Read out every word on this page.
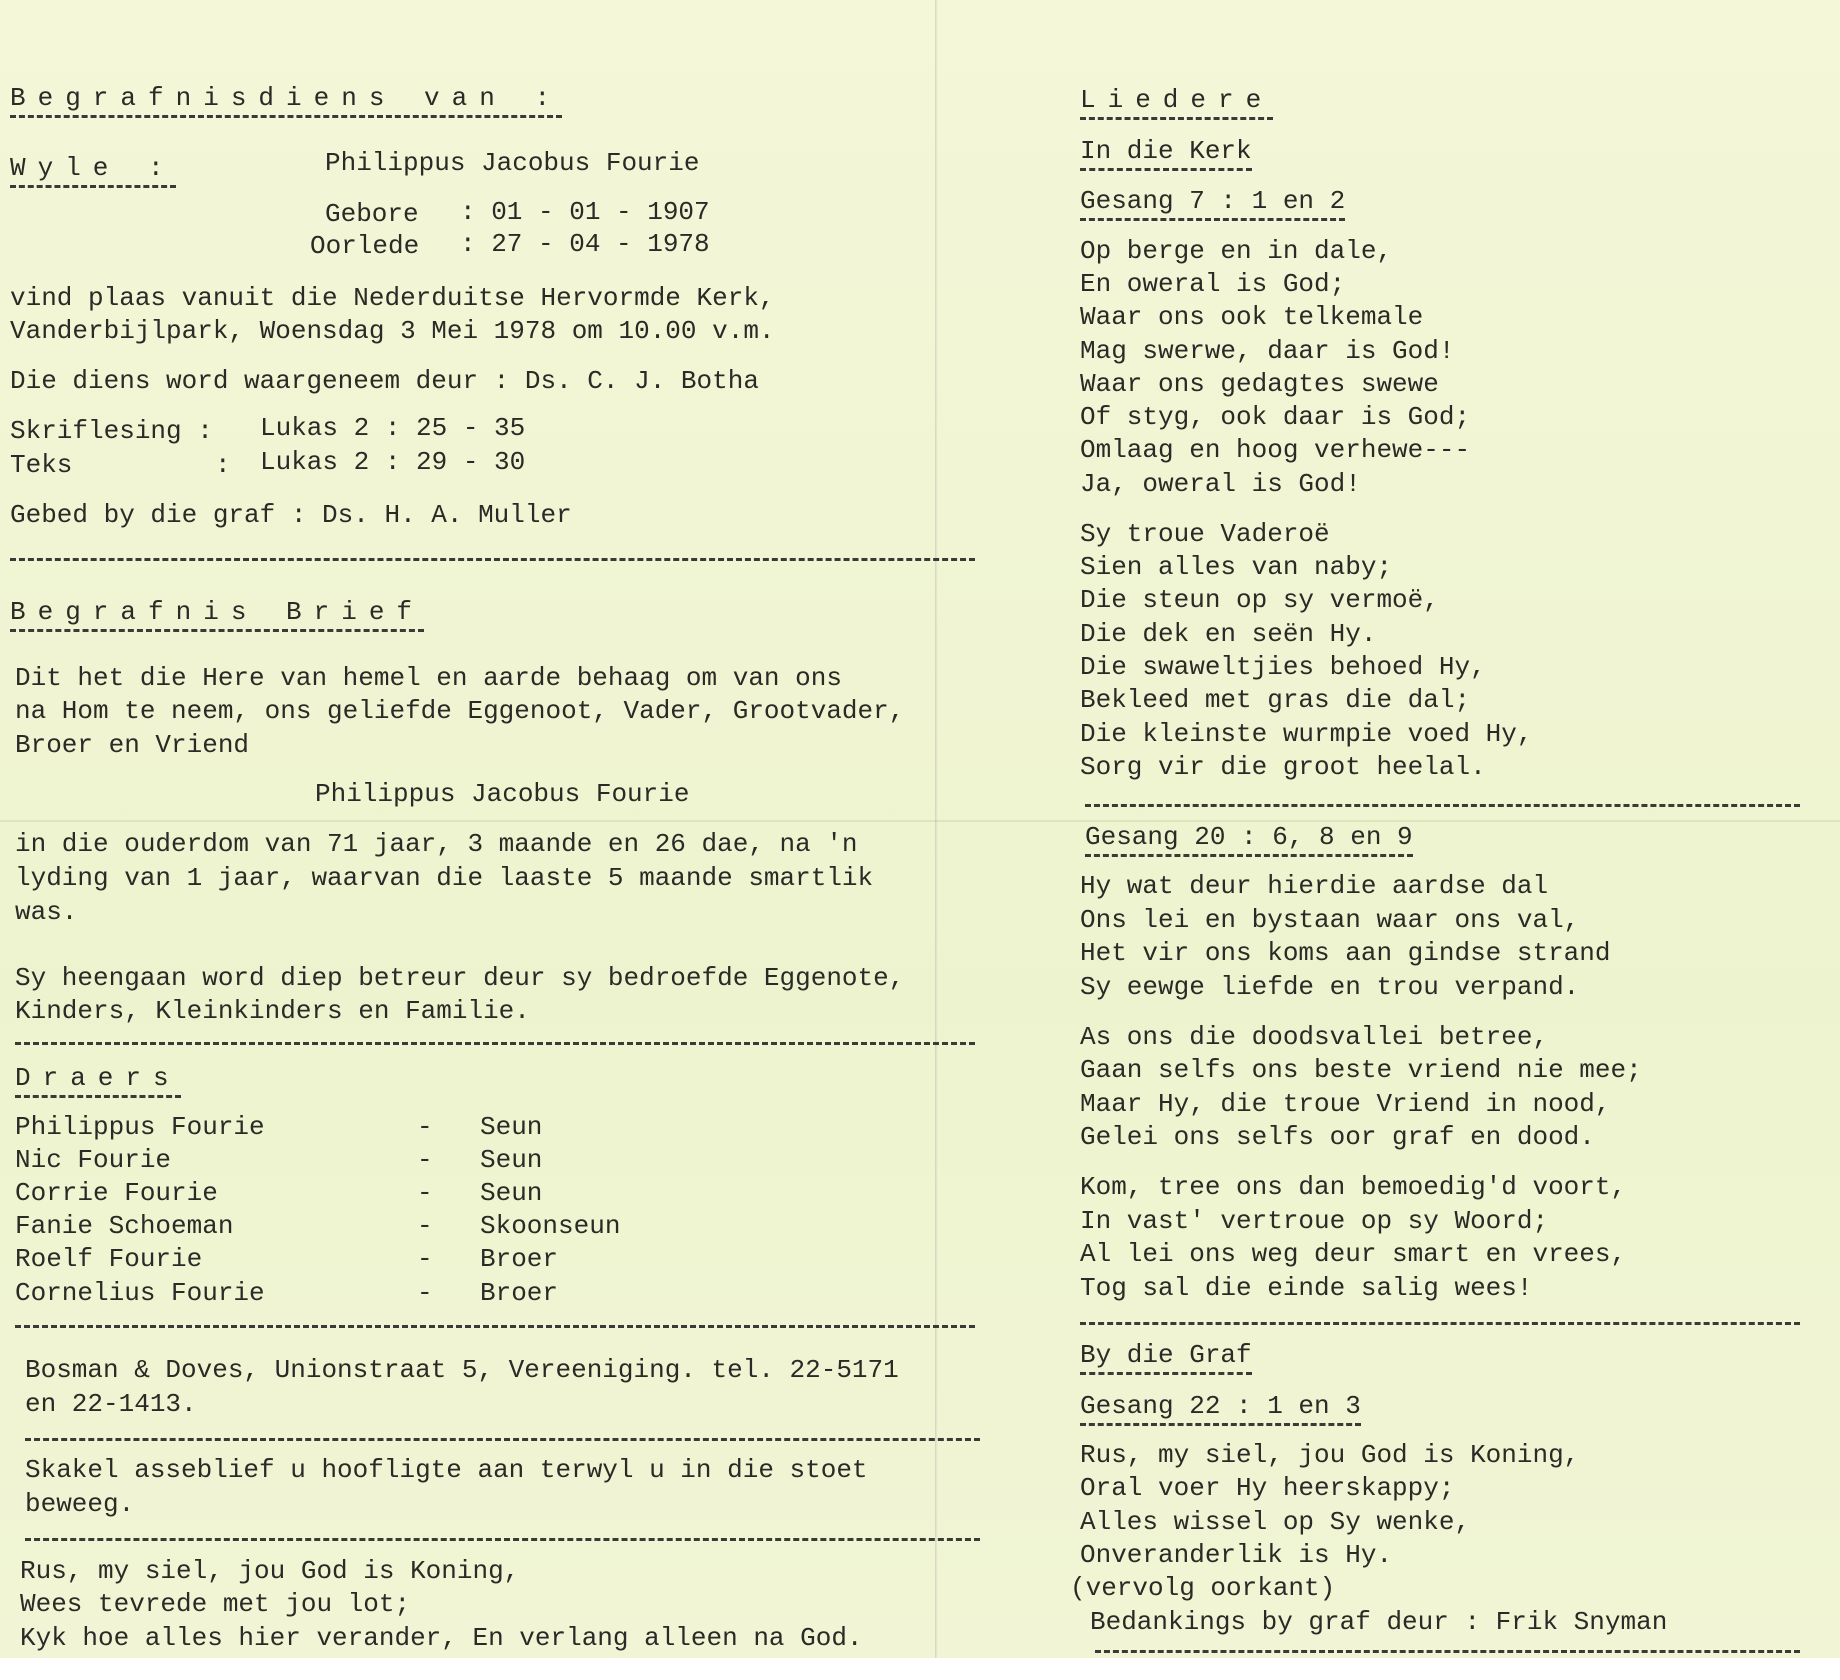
Begrafnisdiens van :
Wyle :	Philippus Jacobus Fourie
Gebore : 01 - 01 - 1907
Oorlede : 27 - 04 - 1978
vind plaas vanuit die Nederduitse Hervormde Kerk,
Vanderbijlpark, Woensdag 3 Mei 1978 om 10.00 v.m.
Die diens word waargeneem deur : Ds. C. J. Botha
Skriflesing : Lukas 2 : 25 - 35
Teks	: Lukas 2 : 29 - 30
Gebed by die graf : Ds. H. A. Muller
Begrafnis Brief
Dit het die Here van hemel en aarde behaag om van ons
na Hom te neem, ons geliefde Eggenoot, Vader, Grootvader,
Broer en Vriend
Philippus Jacobus Fourie
in die ouderdom van 71 jaar, 3 maande en 26 dae, na 'n
lyding van 1 jaar, waarvan die laaste 5 maande smartlik
was.
Sy heengaan word diep betreur deur sy bedroefde Eggenote,
Kinders, Kleinkinders en Familie.
Draers
Philippus Fourie	- Seun
Nic Fourie	- Seun
Corrie Fourie	- Seun
Fanie Schoeman	- Skoonseun
Roelf Fourie	- Broer
Cornelius Fourie	- Broer
Bosman & Doves, Unionstraat 5, Vereeniging. tel. 22-5171
en 22-1413.
Skakel asseblief u hoofligte aan terwyl u in die stoet
beweeg.
Rus, my siel, jou God is Koning,
Wees tevrede met jou lot;
Kyk hoe alles hier verander, En verlang alleen na God.
Liedere
In die Kerk
Gesang 7 : 1 en 2
Op berge en in dale,
En oweral is God;
Waar ons ook telkemale
Mag swerwe, daar is God!
Waar ons gedagtes swewe
Of styg, ook daar is God;
Omlaag en hoog verhewe---
Ja, oweral is God!
Sy troue Vaderoë
Sien alles van naby;
Die steun op sy vermoë,
Die dek en seën Hy.
Die swaweltjies behoed Hy,
Bekleed met gras die dal;
Die kleinste wurmpie voed Hy,
Sorg vir die groot heelal.
Gesang 20 : 6, 8 en 9
Hy wat deur hierdie aardse dal
Ons lei en bystaan waar ons val,
Het vir ons koms aan gindse strand
Sy eewge liefde en trou verpand.
As ons die doodsvallei betree,
Gaan selfs ons beste vriend nie mee;
Maar Hy, die troue Vriend in nood,
Gelei ons selfs oor graf en dood.
Kom, tree ons dan bemoedig'd voort,
In vast' vertroue op sy Woord;
Al lei ons weg deur smart en vrees,
Tog sal die einde salig wees!
By die Graf
Gesang 22 : 1 en 3
Rus, my siel, jou God is Koning,
Oral voer Hy heerskappy;
Alles wissel op Sy wenke,
Onveranderlik is Hy.
(vervolg oorkant)
Bedankings by graf deur : Frik Snyman
